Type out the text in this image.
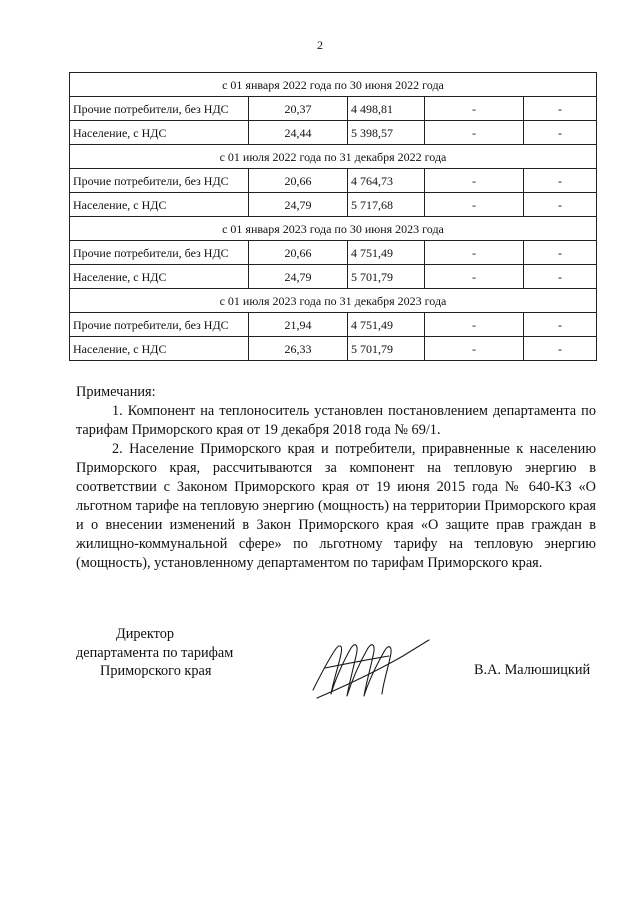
2
с 01 января 2022 года по 30 июня 2022 года				
Прочие потребители, без НДС	20,37	4 498,81	-	-
Население, с НДС	24,44	5 398,57	-	-
с 01 июля 2022 года по 31 декабря 2022 года				
Прочие потребители, без НДС	20,66	4 764,73	-	-
Население, с НДС	24,79	5 717,68	-	-
с 01 января 2023 года по 30 июня 2023 года				
Прочие потребители, без НДС	20,66	4 751,49	-	-
Население, с НДС	24,79	5 701,79	-	-
с 01 июля 2023 года по 31 декабря 2023 года				
Прочие потребители, без НДС	21,94	4 751,49	-	-
Население, с НДС	26,33	5 701,79	-	-

Примечания:

1. Компонент на теплоноситель установлен постановлением департамента по тарифам Приморского края от 19 декабря 2018 года № 69/1.

2. Население Приморского края и потребители, приравненные к населению Приморского края, рассчитываются за компонент на тепловую энергию в соответствии с Законом Приморского края от 19 июня 2015 года № 640-КЗ «О льготном тарифе на тепловую энергию (мощность) на территории Приморского края и о внесении изменений в Закон Приморского края «О защите прав граждан в жилищно-коммунальной сфере» по льготному тарифу на тепловую энергию (мощность), установленному департаментом по тарифам Приморского края.

Директор
департамента по тарифам
Приморского края	В.А. Малюшицкий
